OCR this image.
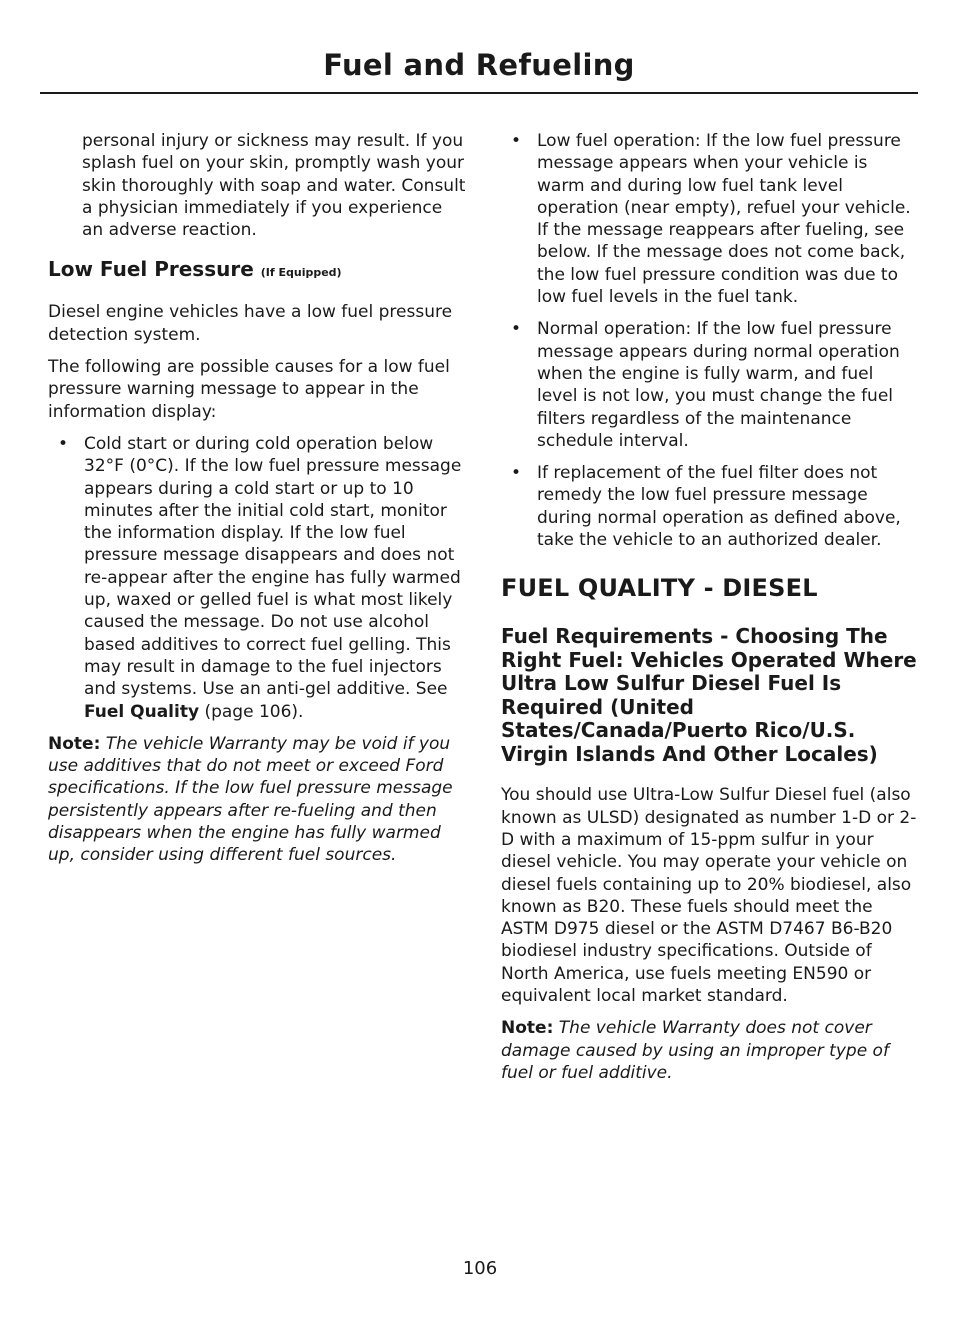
Fuel and Refueling

personal injury or sickness may result. If you splash fuel on your skin, promptly wash your skin thoroughly with soap and water. Consult a physician immediately if you experience an adverse reaction.

Low Fuel Pressure (If Equipped)

Diesel engine vehicles have a low fuel pressure detection system.

The following are possible causes for a low fuel pressure warning message to appear in the information display:

• Cold start or during cold operation below 32°F (0°C). If the low fuel pressure message appears during a cold start or up to 10 minutes after the initial cold start, monitor the information display. If the low fuel pressure message disappears and does not re-appear after the engine has fully warmed up, waxed or gelled fuel is what most likely caused the message. Do not use alcohol based additives to correct fuel gelling. This may result in damage to the fuel injectors and systems. Use an anti-gel additive. See Fuel Quality (page 106).

Note: The vehicle Warranty may be void if you use additives that do not meet or exceed Ford specifications. If the low fuel pressure message persistently appears after re-fueling and then disappears when the engine has fully warmed up, consider using different fuel sources.

• Low fuel operation: If the low fuel pressure message appears when your vehicle is warm and during low fuel tank level operation (near empty), refuel your vehicle. If the message reappears after fueling, see below. If the message does not come back, the low fuel pressure condition was due to low fuel levels in the fuel tank.
• Normal operation: If the low fuel pressure message appears during normal operation when the engine is fully warm, and fuel level is not low, you must change the fuel filters regardless of the maintenance schedule interval.
• If replacement of the fuel filter does not remedy the low fuel pressure message during normal operation as defined above, take the vehicle to an authorized dealer.
FUEL QUALITY - DIESEL
Fuel Requirements - Choosing The Right Fuel: Vehicles Operated Where Ultra Low Sulfur Diesel Fuel Is Required (United States/Canada/Puerto Rico/U.S. Virgin Islands And Other Locales)

You should use Ultra-Low Sulfur Diesel fuel (also known as ULSD) designated as number 1-D or 2-D with a maximum of 15-ppm sulfur in your diesel vehicle. You may operate your vehicle on diesel fuels containing up to 20% biodiesel, also known as B20. These fuels should meet the ASTM D975 diesel or the ASTM D7467 B6-B20 biodiesel industry specifications. Outside of North America, use fuels meeting EN590 or equivalent local market standard.

Note: The vehicle Warranty does not cover damage caused by using an improper type of fuel or fuel additive.

106
